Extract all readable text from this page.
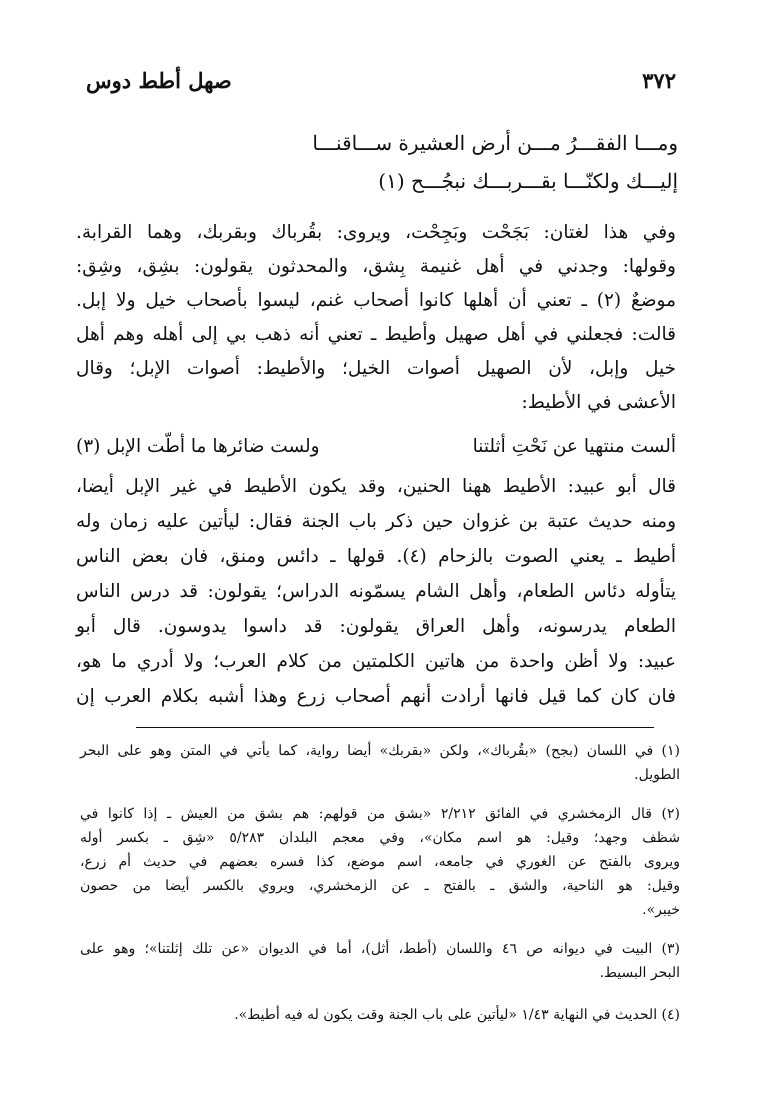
٣٧٢
صهل أطط دوس
ومـــا الفقـــرُ مـــن أرض العشيرة ســـاقنـــا
إليـــك ولكنّـــا بقـــربـــك نبجُـــح (١)
وفي هذا لغتان: بَجَحْت وبَجِحْت، ويروى: بقُرباك وبقربك، وهما القرابة.
وقولها: وجدني في أهل غنيمة بِشق، والمحدثون يقولون: بشِق، وشِق:
موضعٌ (٢) ـ تعني أن أهلها كانوا أصحاب غنم، ليسوا بأصحاب خيل ولا إبل.
قالت: فجعلني في أهل صهيل وأطيط ـ تعني أنه ذهب بي إلى أهله وهم أهل
خيل وإبل، لأن الصهيل أصوات الخيل؛ والأطيط: أصوات الإبل؛ وقال
الأعشى في الأطيط:
ألست منتهيا عن نَحْتِ أثلتنا
ولست ضائرها ما أطّت الإبل (٣)
قال أبو عبيد: الأطيط ههنا الحنين، وقد يكون الأطيط في غير الإبل أيضا،
ومنه حديث عتبة بن غزوان حين ذكر باب الجنة فقال: ليأتين عليه زمان وله
أطيط ـ يعني الصوت بالزحام (٤). قولها ـ دائس ومنق، فان بعض الناس
يتأوله دئاس الطعام، وأهل الشام يسمّونه الدراس؛ يقولون: قد درس الناس
الطعام يدرسونه، وأهل العراق يقولون: قد داسوا يدوسون. قال أبو
عبيد: ولا أظن واحدة من هاتين الكلمتين من كلام العرب؛ ولا أدري ما هو،
فان كان كما قيل فانها أرادت أنهم أصحاب زرع وهذا أشبه بكلام العرب إن
(١) في اللسان (بجح) «بقُرباك»، ولكن «بقربك» أيضا رواية، كما يأتي في المتن وهو على البحر
الطويل.
(٢) قال الزمخشري في الفائق ٢/٢١٢ «بشق من قولهم: هم بشق من العيش ـ إذا كانوا في
شظف وجهد؛ وقيل: هو اسم مكان»، وفي معجم البلدان ٥/٢٨٣ «شِق ـ بكسر أوله
ويروى بالفتح عن الغوري في جامعه، اسم موضع، كذا فسره بعضهم في حديث أم زرع،
وقيل: هو الناحية، والشق ـ بالفتح ـ عن الزمخشري، ويروي بالكسر أيضا من حصون
خيبر».
(٣) البيت في ديوانه ص ٤٦ واللسان (أطط، أثل)، أما في الديوان «عن تلك إثلتنا»؛ وهو على
البحر البسيط.
(٤) الحديث في النهاية ١/٤٣ «ليأتين على باب الجنة وقت يكون له فيه أطيط».
